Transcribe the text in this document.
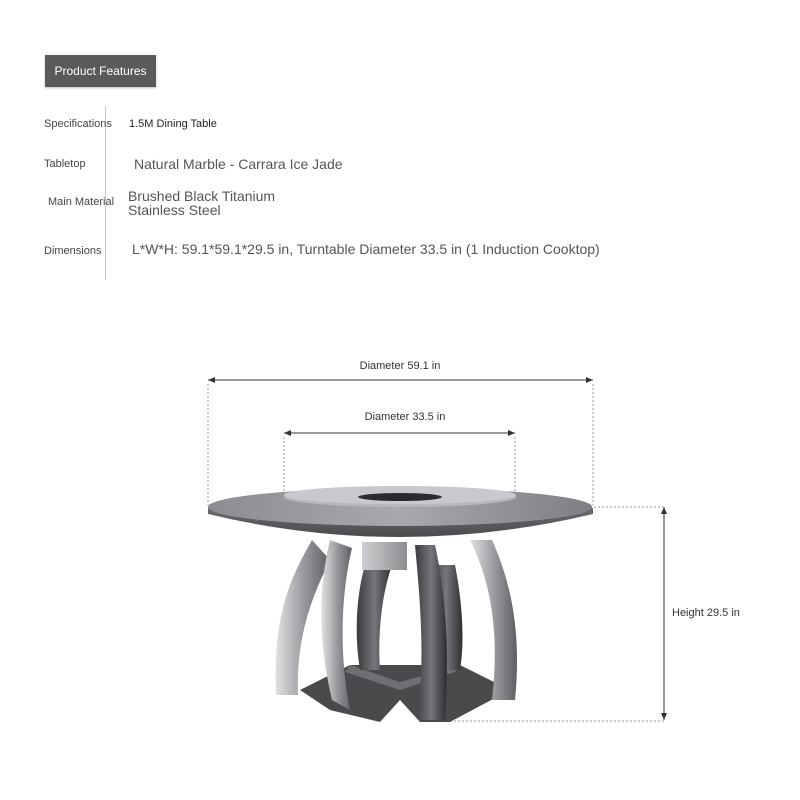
Product Features
Specifications 1.5M Dining Table
Tabletop	Natural Marble - Carrara Ice Jade
Main Material Brushed Black Titanium
Stainless Steel
Dimensions L*W*H: 59.1*59.1*29.5 in, Turntable Diameter 33.5 in (1 Induction Cooktop)
Diameter 59.1 in
Diameter 33.5 in
Height 29.5 in
